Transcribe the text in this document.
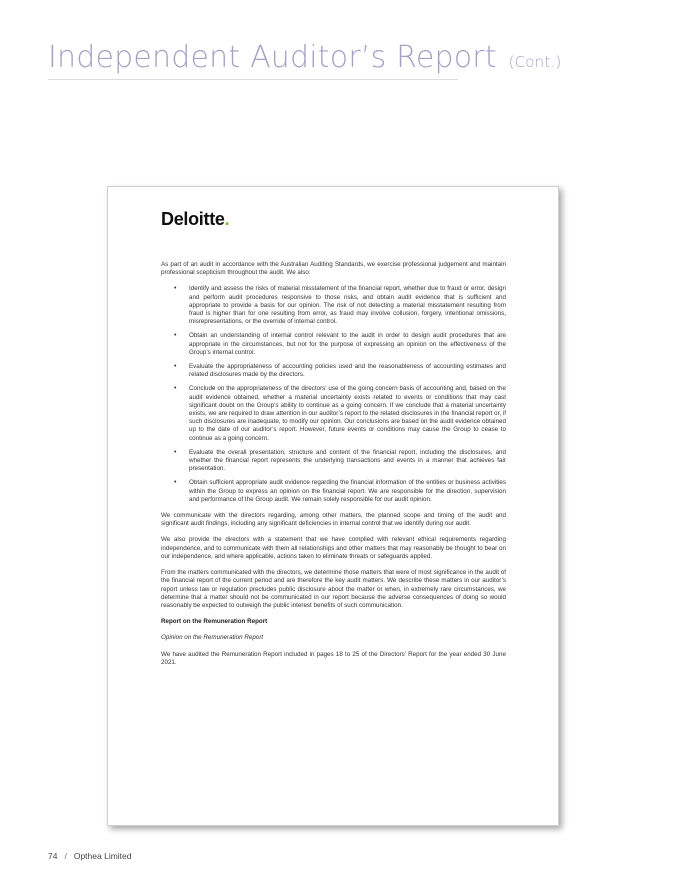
Independent Auditor’s Report (Cont.)
Deloitte.

As part of an audit in accordance with the Australian Auditing Standards, we exercise professional judgement and maintain professional scepticism throughout the audit. We also:

• Identify and assess the risks of material misstatement of the financial report, whether due to fraud or error, design and perform audit procedures responsive to those risks, and obtain audit evidence that is sufficient and appropriate to provide a basis for our opinion. The risk of not detecting a material misstatement resulting from fraud is higher than for one resulting from error, as fraud may involve collusion, forgery, intentional omissions, misrepresentations, or the override of internal control.
• Obtain an understanding of internal control relevant to the audit in order to design audit procedures that are appropriate in the circumstances, but not for the purpose of expressing an opinion on the effectiveness of the Group’s internal control.
• Evaluate the appropriateness of accounting policies used and the reasonableness of accounting estimates and related disclosures made by the directors.
• Conclude on the appropriateness of the directors’ use of the going concern basis of accounting and, based on the audit evidence obtained, whether a material uncertainty exists related to events or conditions that may cast significant doubt on the Group’s ability to continue as a going concern. If we conclude that a material uncertainty exists, we are required to draw attention in our auditor’s report to the related disclosures in the financial report or, if such disclosures are inadequate, to modify our opinion. Our conclusions are based on the audit evidence obtained up to the date of our auditor’s report. However, future events or conditions may cause the Group to cease to continue as a going concern.
• Evaluate the overall presentation, structure and content of the financial report, including the disclosures, and whether the financial report represents the underlying transactions and events in a manner that achieves fair presentation.
• Obtain sufficient appropriate audit evidence regarding the financial information of the entities or business activities within the Group to express an opinion on the financial report. We are responsible for the direction, supervision and performance of the Group audit. We remain solely responsible for our audit opinion.

We communicate with the directors regarding, among other matters, the planned scope and timing of the audit and significant audit findings, including any significant deficiencies in internal control that we identify during our audit.

We also provide the directors with a statement that we have complied with relevant ethical requirements regarding independence, and to communicate with them all relationships and other matters that may reasonably be thought to bear on our independence, and where applicable, actions taken to eliminate threats or safeguards applied.

From the matters communicated with the directors, we determine those matters that were of most significance in the audit of the financial report of the current period and are therefore the key audit matters. We describe these matters in our auditor’s report unless law or regulation precludes public disclosure about the matter or when, in extremely rare circumstances, we determine that a matter should not be communicated in our report because the adverse consequences of doing so would reasonably be expected to outweigh the public interest benefits of such communication.

Report on the Remuneration Report

Opinion on the Remuneration Report

We have audited the Remuneration Report included in pages 18 to 25 of the Directors’ Report for the year ended 30 June 2021.

74 / Opthea Limited
